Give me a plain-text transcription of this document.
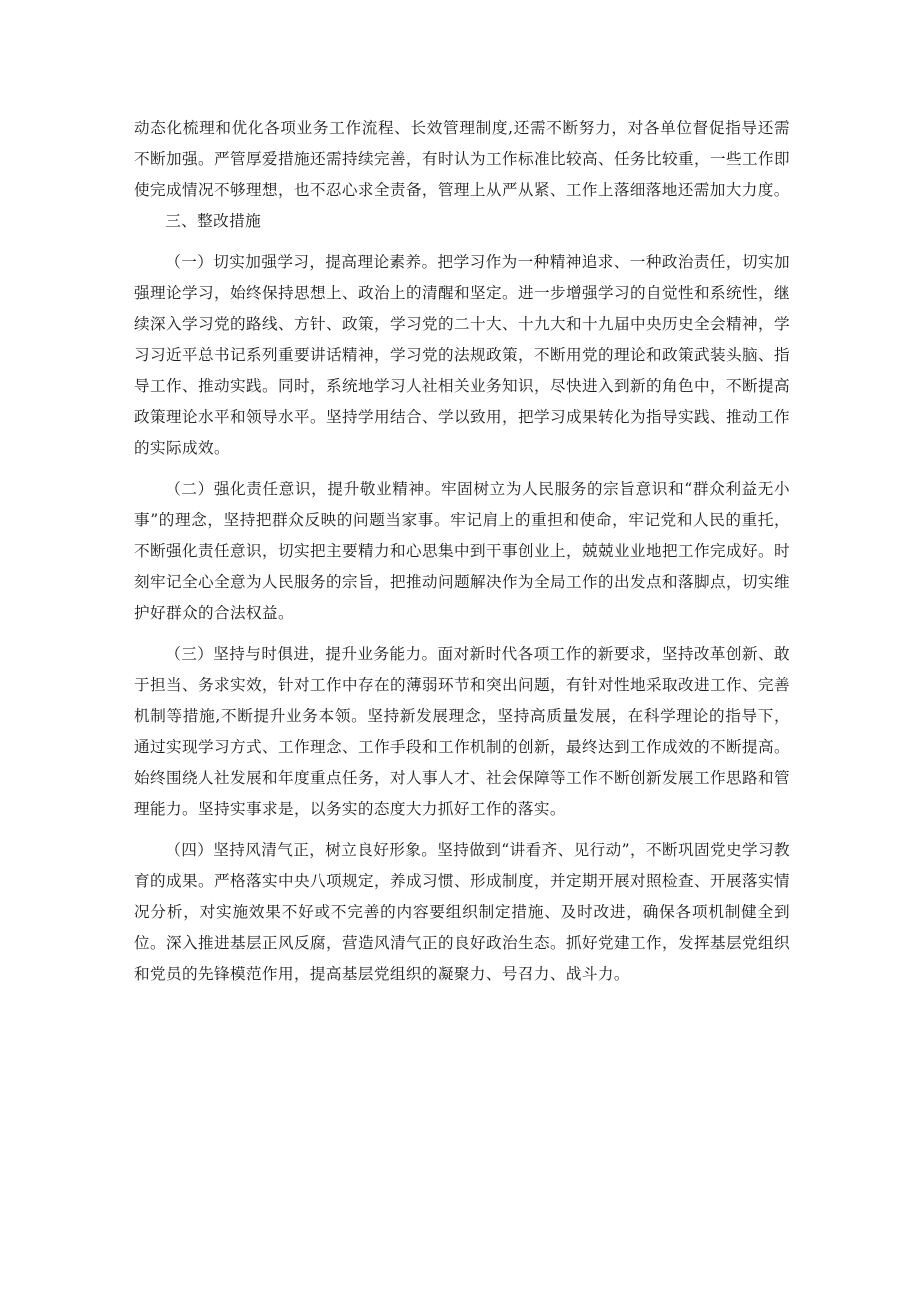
动态化梳理和优化各项业务工作流程、长效管理制度,还需不断努力，对各单位督促指导还需不断加强。严管厚爱措施还需持续完善，有时认为工作标准比较高、任务比较重，一些工作即使完成情况不够理想，也不忍心求全责备，管理上从严从紧、工作上落细落地还需加大力度。

三、整改措施

（一）切实加强学习，提高理论素养。把学习作为一种精神追求、一种政治责任，切实加强理论学习，始终保持思想上、政治上的清醒和坚定。进一步增强学习的自觉性和系统性，继续深入学习党的路线、方针、政策，学习党的二十大、十九大和十九届中央历史全会精神，学习习近平总书记系列重要讲话精神，学习党的法规政策，不断用党的理论和政策武装头脑、指导工作、推动实践。同时，系统地学习人社相关业务知识，尽快进入到新的角色中，不断提高政策理论水平和领导水平。坚持学用结合、学以致用，把学习成果转化为指导实践、推动工作的实际成效。

（二）强化责任意识，提升敬业精神。牢固树立为人民服务的宗旨意识和“群众利益无小事”的理念，坚持把群众反映的问题当家事。牢记肩上的重担和使命，牢记党和人民的重托，不断强化责任意识，切实把主要精力和心思集中到干事创业上，兢兢业业地把工作完成好。时刻牢记全心全意为人民服务的宗旨，把推动问题解决作为全局工作的出发点和落脚点，切实维护好群众的合法权益。

（三）坚持与时俱进，提升业务能力。面对新时代各项工作的新要求，坚持改革创新、敢于担当、务求实效，针对工作中存在的薄弱环节和突出问题，有针对性地采取改进工作、完善机制等措施,不断提升业务本领。坚持新发展理念，坚持高质量发展，在科学理论的指导下，通过实现学习方式、工作理念、工作手段和工作机制的创新，最终达到工作成效的不断提高。始终围绕人社发展和年度重点任务，对人事人才、社会保障等工作不断创新发展工作思路和管理能力。坚持实事求是，以务实的态度大力抓好工作的落实。

（四）坚持风清气正，树立良好形象。坚持做到“讲看齐、见行动”，不断巩固党史学习教育的成果。严格落实中央八项规定，养成习惯、形成制度，并定期开展对照检查、开展落实情况分析，对实施效果不好或不完善的内容要组织制定措施、及时改进，确保各项机制健全到位。深入推进基层正风反腐，营造风清气正的良好政治生态。抓好党建工作，发挥基层党组织和党员的先锋模范作用，提高基层党组织的凝聚力、号召力、战斗力。
